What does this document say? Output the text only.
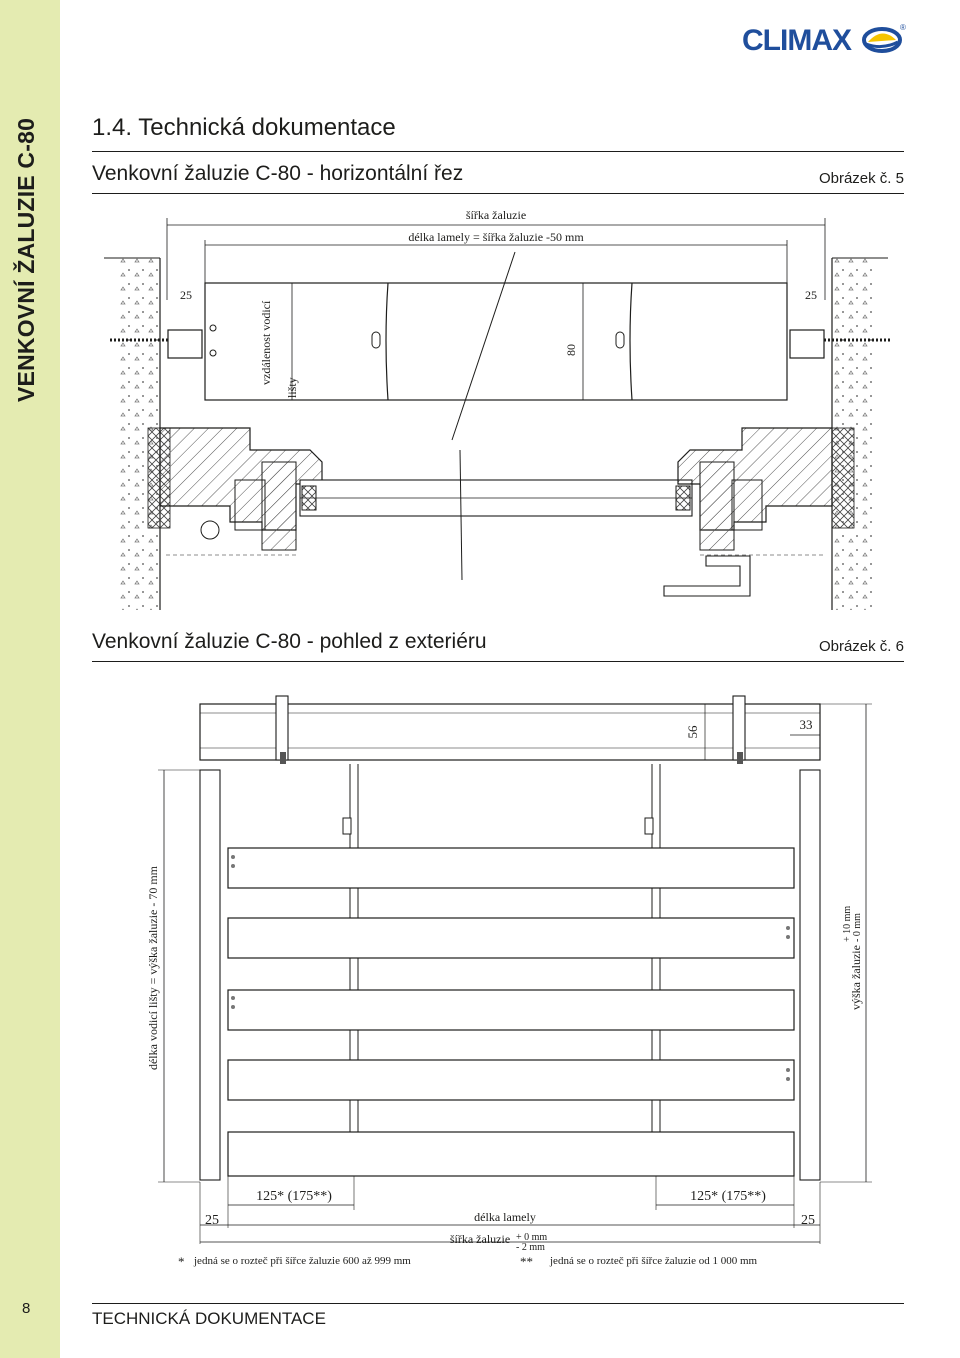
VENKOVNÍ ŽALUZIE C-80
8
CLIMAX	®
1.4. Technická dokumentace
Venkovní žaluzie C-80 - horizontální řez	Obrázek č. 5
Venkovní žaluzie C-80 - pohled z exteriéru	Obrázek č. 6
šířka žaluzie
délka lamely = šířka žaluzie -50 mm
25	25
80
vzdálenost vodicí
lišty
56	33
délka vodicí lišty = výška žaluzie - 70 mm	výška žaluzie
+ 10 mm - 0 mm
125* (175**)	125* (175**)
25	25
délka lamely
šířka žaluzie + 0 mm
- 2 mm
* jedná se o rozteč při šířce žaluzie 600 až 999 mm	** jedná se o rozteč při šířce žaluzie od 1 000 mm
TECHNICKÁ DOKUMENTACE
